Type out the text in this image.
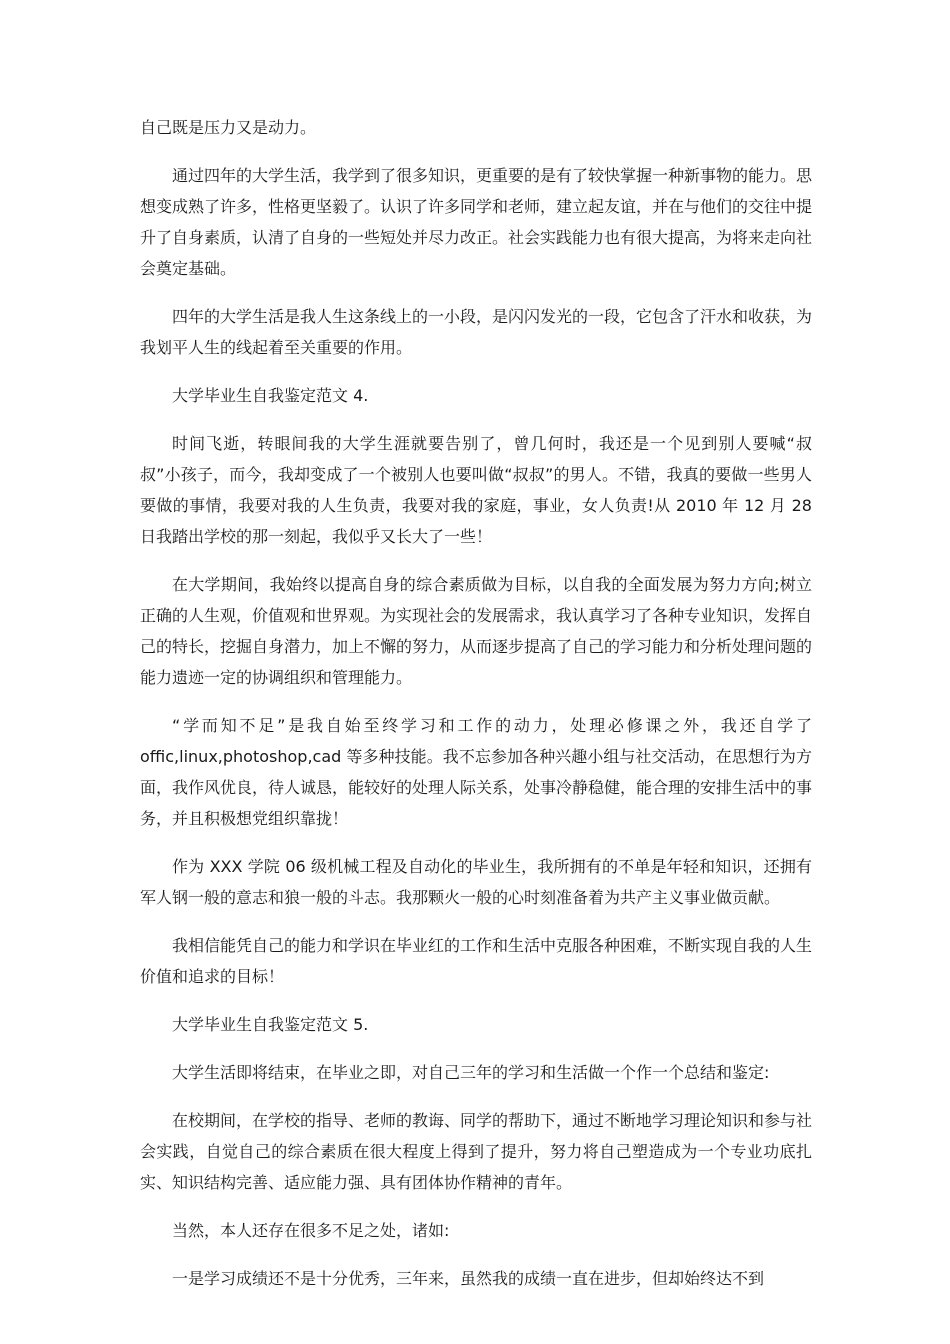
自己既是压力又是动力。

通过四年的大学生活，我学到了很多知识，更重要的是有了较快掌握一种新事物的能力。思想变成熟了许多，性格更坚毅了。认识了许多同学和老师，建立起友谊，并在与他们的交往中提升了自身素质，认清了自身的一些短处并尽力改正。社会实践能力也有很大提高，为将来走向社会奠定基础。

四年的大学生活是我人生这条线上的一小段，是闪闪发光的一段，它包含了汗水和收获，为我划平人生的线起着至关重要的作用。

大学毕业生自我鉴定范文 4.

时间飞逝，转眼间我的大学生涯就要告别了，曾几何时，我还是一个见到别人要喊“叔叔”小孩子，而今，我却变成了一个被别人也要叫做“叔叔”的男人。不错，我真的要做一些男人要做的事情，我要对我的人生负责，我要对我的家庭，事业，女人负责!从 2010 年 12 月 28 日我踏出学校的那一刻起，我似乎又长大了一些！

在大学期间，我始终以提高自身的综合素质做为目标，以自我的全面发展为努力方向;树立正确的人生观，价值观和世界观。为实现社会的发展需求，我认真学习了各种专业知识，发挥自己的特长，挖掘自身潜力，加上不懈的努力，从而逐步提高了自己的学习能力和分析处理问题的能力遗迹一定的协调组织和管理能力。

“学而知不足”是我自始至终学习和工作的动力，处理必修课之外，我还自学了offic,linux,photoshop,cad 等多种技能。我不忘参加各种兴趣小组与社交活动，在思想行为方面，我作风优良，待人诚恳，能较好的处理人际关系，处事冷静稳健，能合理的安排生活中的事务，并且积极想党组织靠拢！

作为 XXX 学院 06 级机械工程及自动化的毕业生，我所拥有的不单是年轻和知识，还拥有军人钢一般的意志和狼一般的斗志。我那颗火一般的心时刻准备着为共产主义事业做贡献。

我相信能凭自己的能力和学识在毕业红的工作和生活中克服各种困难，不断实现自我的人生价值和追求的目标！

大学毕业生自我鉴定范文 5.

大学生活即将结束，在毕业之即，对自己三年的学习和生活做一个作一个总结和鉴定:

在校期间，在学校的指导、老师的教诲、同学的帮助下，通过不断地学习理论知识和参与社会实践，自觉自己的综合素质在很大程度上得到了提升，努力将自己塑造成为一个专业功底扎实、知识结构完善、适应能力强、具有团体协作精神的青年。

当然，本人还存在很多不足之处，诸如:

一是学习成绩还不是十分优秀，三年来，虽然我的成绩一直在进步，但却始终达不到
